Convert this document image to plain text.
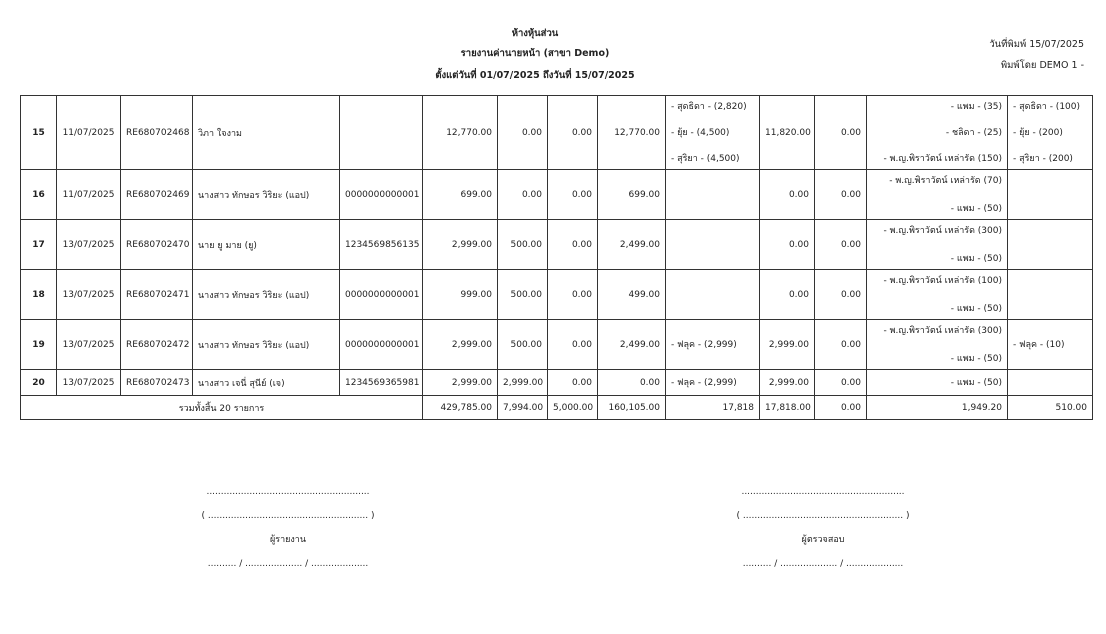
ห้างหุ้นส่วน
รายงานค่านายหน้า (สาขา Demo)
ตั้งแต่วันที่ 01/07/2025 ถึงวันที่ 15/07/2025
วันที่พิมพ์ 15/07/2025
พิมพ์โดย DEMO 1 -
15	11/07/2025	RE680702468	วิภา ใจงาม		12,770.00	0.00	0.00	12,770.00	- สุดธิดา - (2,820)
- ยุ้ย - (4,500)
- สุริยา - (4,500)	11,820.00	0.00	- แพม - (35)
- ชลิดา - (25)
- พ.ญ.พิราวัตน์ เหล่ารัด (150)	- สุดธิดา - (100)
- ยุ้ย - (200)
- สุริยา - (200)

16	11/07/2025	RE680702469	นางสาว ทักษอร วิริยะ (แอป)	0000000000001	699.00	0.00	0.00	699.00		0.00	0.00	- พ.ญ.พิราวัตน์ เหล่ารัด (70)
- แพม - (50)	

17	13/07/2025	RE680702470	นาย ยู มาย (ยู)	1234569856135	2,999.00	500.00	0.00	2,499.00		0.00	0.00	- พ.ญ.พิราวัตน์ เหล่ารัด (300)
- แพม - (50)	

18	13/07/2025	RE680702471	นางสาว ทักษอร วิริยะ (แอป)	0000000000001	999.00	500.00	0.00	499.00		0.00	0.00	- พ.ญ.พิราวัตน์ เหล่ารัด (100)
- แพม - (50)	

19	13/07/2025	RE680702472	นางสาว ทักษอร วิริยะ (แอป)	0000000000001	2,999.00	500.00	0.00	2,499.00	- ฟลุค - (2,999)	2,999.00	0.00	- พ.ญ.พิราวัตน์ เหล่ารัด (300)
- แพม - (50)	- ฟลุค - (10)

20	13/07/2025	RE680702473	นางสาว เจนี่ สุนีย์ (เจ)	1234569365981	2,999.00	2,999.00	0.00	0.00	- ฟลุค - (2,999)	2,999.00	0.00	- แพม - (50)	

รวมทั้งสิ้น 20 รายการ					429,785.00	7,994.00	5,000.00	160,105.00	17,818	17,818.00	0.00	1,949.20	510.00
.........................................................
( ........................................................ )
ผู้รายงาน
.......... / .................... / ....................
.........................................................
( ........................................................ )
ผู้ตรวจสอบ
.......... / .................... / ....................
